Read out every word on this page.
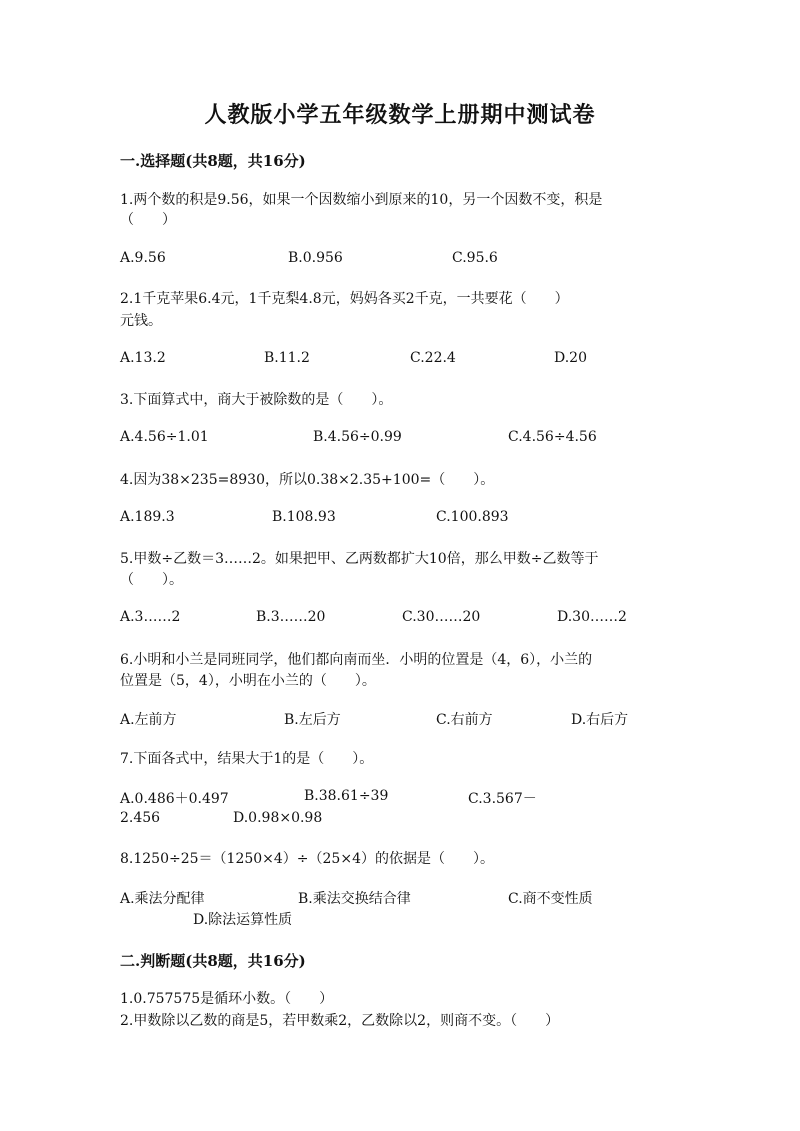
人教版小学五年级数学上册期中测试卷
一.选择题(共8题，共16分)
1.两个数的积是9.56，如果一个因数缩小到原来的10，另一个因数不变，积是
（　　）
A.9.56	B.0.956	C.95.6
2.1千克苹果6.4元，1千克梨4.8元，妈妈各买2千克，一共要花（　　）
元钱。
A.13.2	B.11.2	C.22.4	D.20
3.下面算式中，商大于被除数的是（　　）。
A.4.56÷1.01	B.4.56÷0.99	C.4.56÷4.56
4.因为38×235=8930，所以0.38×2.35+100=（　　）。
A.189.3	B.108.93	C.100.893
5.甲数÷乙数＝3……2。如果把甲、乙两数都扩大10倍，那么甲数÷乙数等于
（　　）。
A.3……2	B.3……20	C.30……20	D.30……2
6.小明和小兰是同班同学，他们都向南而坐．小明的位置是（4，6），小兰的
位置是（5，4），小明在小兰的（　　）。
A.左前方	B.左后方	C.右前方	D.右后方
7.下面各式中，结果大于1的是（　　）。
A.0.486＋0.497	B.38.61÷39	C.3.567－
2.456	D.0.98×0.98
8.1250÷25＝（1250×4）÷（25×4）的依据是（　　）。
A.乘法分配律	B.乘法交换结合律	C.商不变性质
D.除法运算性质
二.判断题(共8题，共16分)
1.0.757575是循环小数。（　　）
2.甲数除以乙数的商是5，若甲数乘2，乙数除以2，则商不变。（　　）
